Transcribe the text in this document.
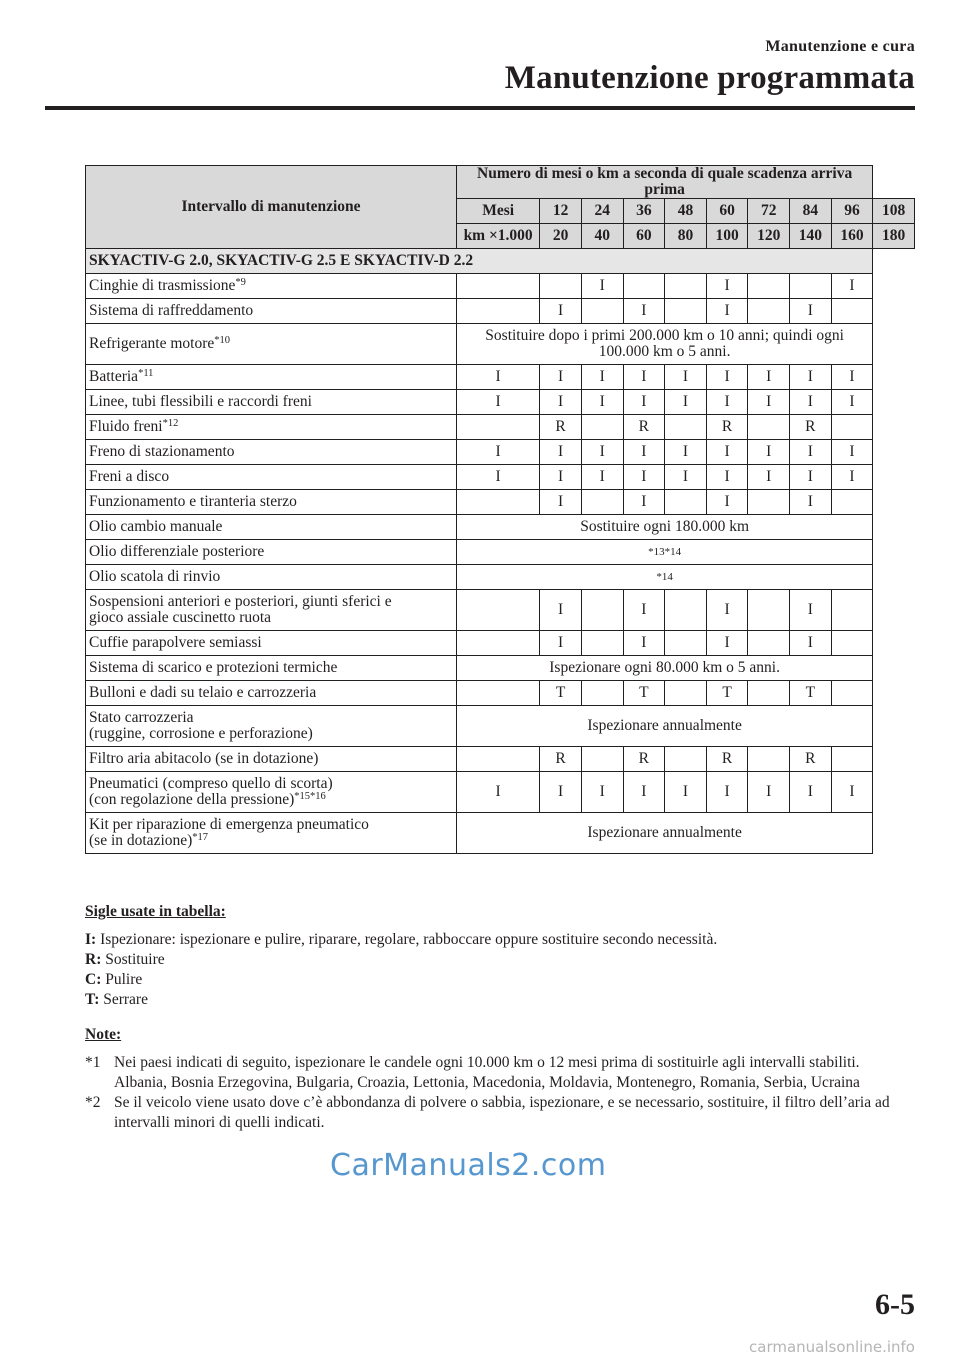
Manutenzione e cura
Manutenzione programmata
Intervallo di manutenzione	Numero di mesi o km a seconda di quale scadenza arriva prima									
	Mesi	12	24	36	48	60	72	84	96	108
	km ×1.000	20	40	60	80	100	120	140	160	180
SKYACTIV-G 2.0, SKYACTIV-G 2.5 E SKYACTIV-D 2.2										
Cinghie di trasmissione$^{*9}$			I			I			I	
Sistema di raffreddamento		I		I		I		I		
Refrigerante motore$^{*10}$	Sostituire dopo i primi 200.000 km o 10 anni; quindi ogni 100.000 km o 5 anni.									
Batteria$^{*11}$	I	I	I	I	I	I	I	I	I	
Linee, tubi flessibili e raccordi freni	I	I	I	I	I	I	I	I	I	
Fluido freni$^{*12}$		R		R		R		R		
Freno di stazionamento	I	I	I	I	I	I	I	I	I	
Freni a disco	I	I	I	I	I	I	I	I	I	
Funzionamento e tiranteria sterzo		I		I		I		I		
Olio cambio manuale	Sostituire ogni 180.000 km									
Olio differenziale posteriore	*13*14									
Olio scatola di rinvio	*14									
Sospensioni anteriori e posteriori, giunti sferici e
gioco assiale cuscinetto ruota		I		I		I		I		
Cuffie parapolvere semiassi		I		I		I		I		
Sistema di scarico e protezioni termiche	Ispezionare ogni 80.000 km o 5 anni.									
Bulloni e dadi su telaio e carrozzeria		T		T		T		T		
Stato carrozzeria
(ruggine, corrosione e perforazione)	Ispezionare annualmente									
Filtro aria abitacolo (se in dotazione)		R		R		R		R		
Pneumatici (compreso quello di scorta)
(con regolazione della pressione)$^{*15*16}$	I	I	I	I	I	I	I	I	I	
Kit per riparazione di emergenza pneumatico
(se in dotazione)$^{*17}$	Ispezionare annualmente									
Sigle usate in tabella:
I: Ispezionare: ispezionare e pulire, riparare, regolare, rabboccare oppure sostituire secondo necessità.
R: Sostituire
C: Pulire
T: Serrare
Note:
*1 Nei paesi indicati di seguito, ispezionare le candele ogni 10.000 km o 12 mesi prima di sostituirle agli intervalli stabiliti.
Albania, Bosnia Erzegovina, Bulgaria, Croazia, Lettonia, Macedonia, Moldavia, Montenegro, Romania, Serbia, Ucraina
*2 Se il veicolo viene usato dove c’è abbondanza di polvere o sabbia, ispezionare, e se necessario, sostituire, il filtro dell’aria ad intervalli minori di quelli indicati.
CarManuals2.com
6-5
carmanualsonline.info
